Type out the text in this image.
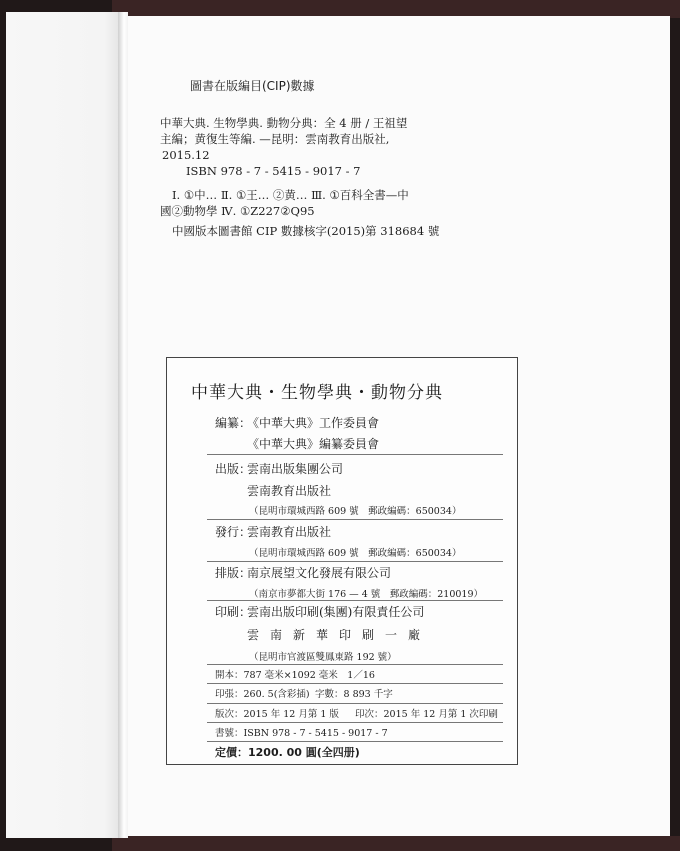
圖書在版編目(CIP)數據
中華大典. 生物學典. 動物分典：全 4 册 / 王祖望
主編；黄復生等編. —昆明：雲南教育出版社,
2015.12
ISBN 978 - 7 - 5415 - 9017 - 7
Ⅰ. ①中… Ⅱ. ①王… ②黄… Ⅲ. ①百科全書—中
國②動物學 Ⅳ. ①Z227②Q95
中國版本圖書館 CIP 數據核字(2015)第 318684 號
中華大典・生物學典・動物分典
編纂：《中華大典》工作委員會
《中華大典》編纂委員會
出版：雲南出版集團公司
雲南教育出版社
（昆明市環城西路 609 號　郵政編碼：650034）
發行：雲南教育出版社
（昆明市環城西路 609 號　郵政編碼：650034）
排版：南京展望文化發展有限公司
（南京市夢都大街 176 — 4 號　郵政編碼：210019）
印刷：雲南出版印刷(集團)有限責任公司
雲南新華印刷一廠
（昆明市官渡區雙鳳東路 192 號）
開本：787 毫米×1092 毫米　1／16
印張：260. 5(含彩插) 字數：8 893 千字
版次：2015 年 12 月第 1 版 印次：2015 年 12 月第 1 次印刷
書號：ISBN 978 - 7 - 5415 - 9017 - 7
定價：1200. 00 圓(全四册)
